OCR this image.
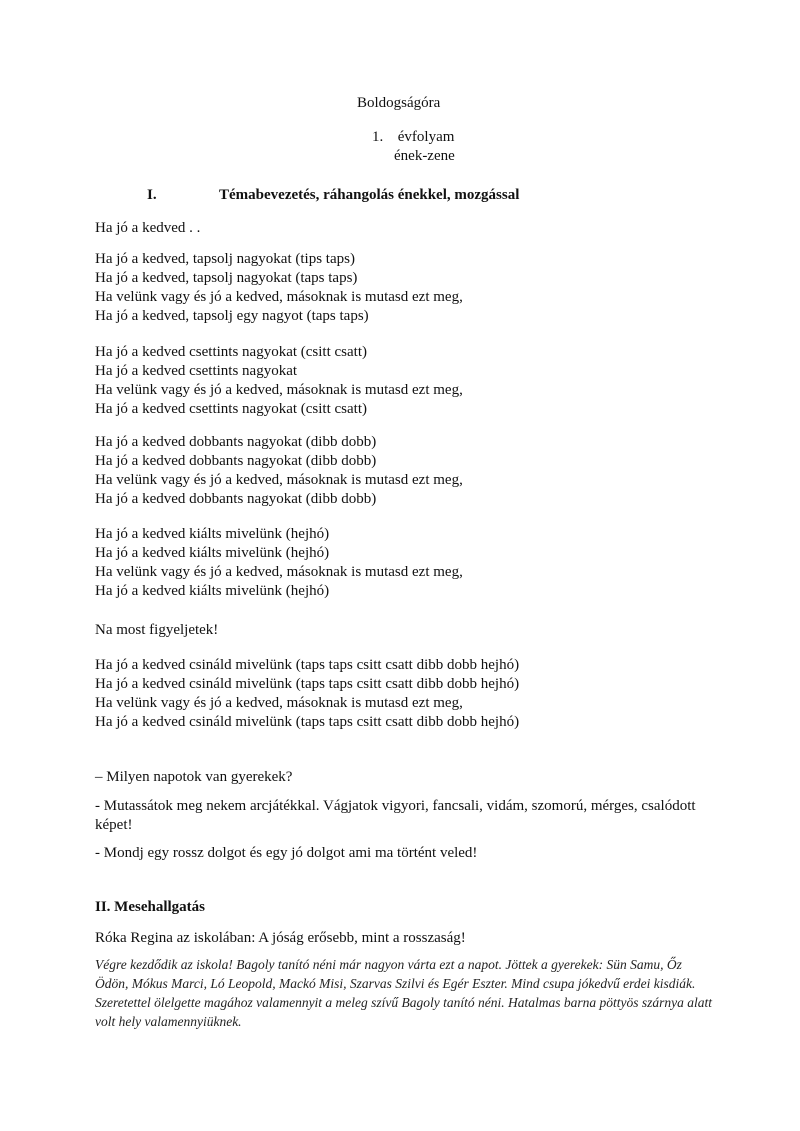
Boldogságóra
1. évfolyam
ének-zene
I.	Témabevezetés, ráhangolás énekkel, mozgással
Ha jó a kedved . .
Ha jó a kedved, tapsolj nagyokat (tips taps)
Ha jó a kedved, tapsolj nagyokat (taps taps)
Ha velünk vagy és jó a kedved, másoknak is mutasd ezt meg,
Ha jó a kedved, tapsolj egy nagyot (taps taps)
Ha jó a kedved csettints nagyokat (csitt csatt)
Ha jó a kedved csettints nagyokat
Ha velünk vagy és jó a kedved, másoknak is mutasd ezt meg,
Ha jó a kedved csettints nagyokat (csitt csatt)
Ha jó a kedved dobbants nagyokat (dibb dobb)
Ha jó a kedved dobbants nagyokat (dibb dobb)
Ha velünk vagy és jó a kedved, másoknak is mutasd ezt meg,
Ha jó a kedved dobbants nagyokat (dibb dobb)
Ha jó a kedved kiálts mivelünk (hejhó)
Ha jó a kedved kiálts mivelünk (hejhó)
Ha velünk vagy és jó a kedved, másoknak is mutasd ezt meg,
Ha jó a kedved kiálts mivelünk (hejhó)
Na most figyeljetek!
Ha jó a kedved csináld mivelünk (taps taps csitt csatt dibb dobb hejhó)
Ha jó a kedved csináld mivelünk (taps taps csitt csatt dibb dobb hejhó)
Ha velünk vagy és jó a kedved, másoknak is mutasd ezt meg,
Ha jó a kedved csináld mivelünk (taps taps csitt csatt dibb dobb hejhó)
– Milyen napotok van gyerekek?
- Mutassátok meg nekem arcjátékkal. Vágjatok vigyori, fancsali, vidám, szomorú, mérges, csalódott képet!
- Mondj egy rossz dolgot és egy jó dolgot ami ma történt veled!
II. Mesehallgatás
Róka Regina az iskolában: A jóság erősebb, mint a rosszaság!
Végre kezdődik az iskola! Bagoly tanító néni már nagyon várta ezt a napot. Jöttek a gyerekek: Sün Samu, Őz Ödön, Mókus Marci, Ló Leopold, Mackó Misi, Szarvas Szilvi és Egér Eszter. Mind csupa jókedvű erdei kisdiák. Szeretettel ölelgette magához valamennyit a meleg szívű Bagoly tanító néni. Hatalmas barna pöttyös szárnya alatt volt hely valamennyiüknek.
